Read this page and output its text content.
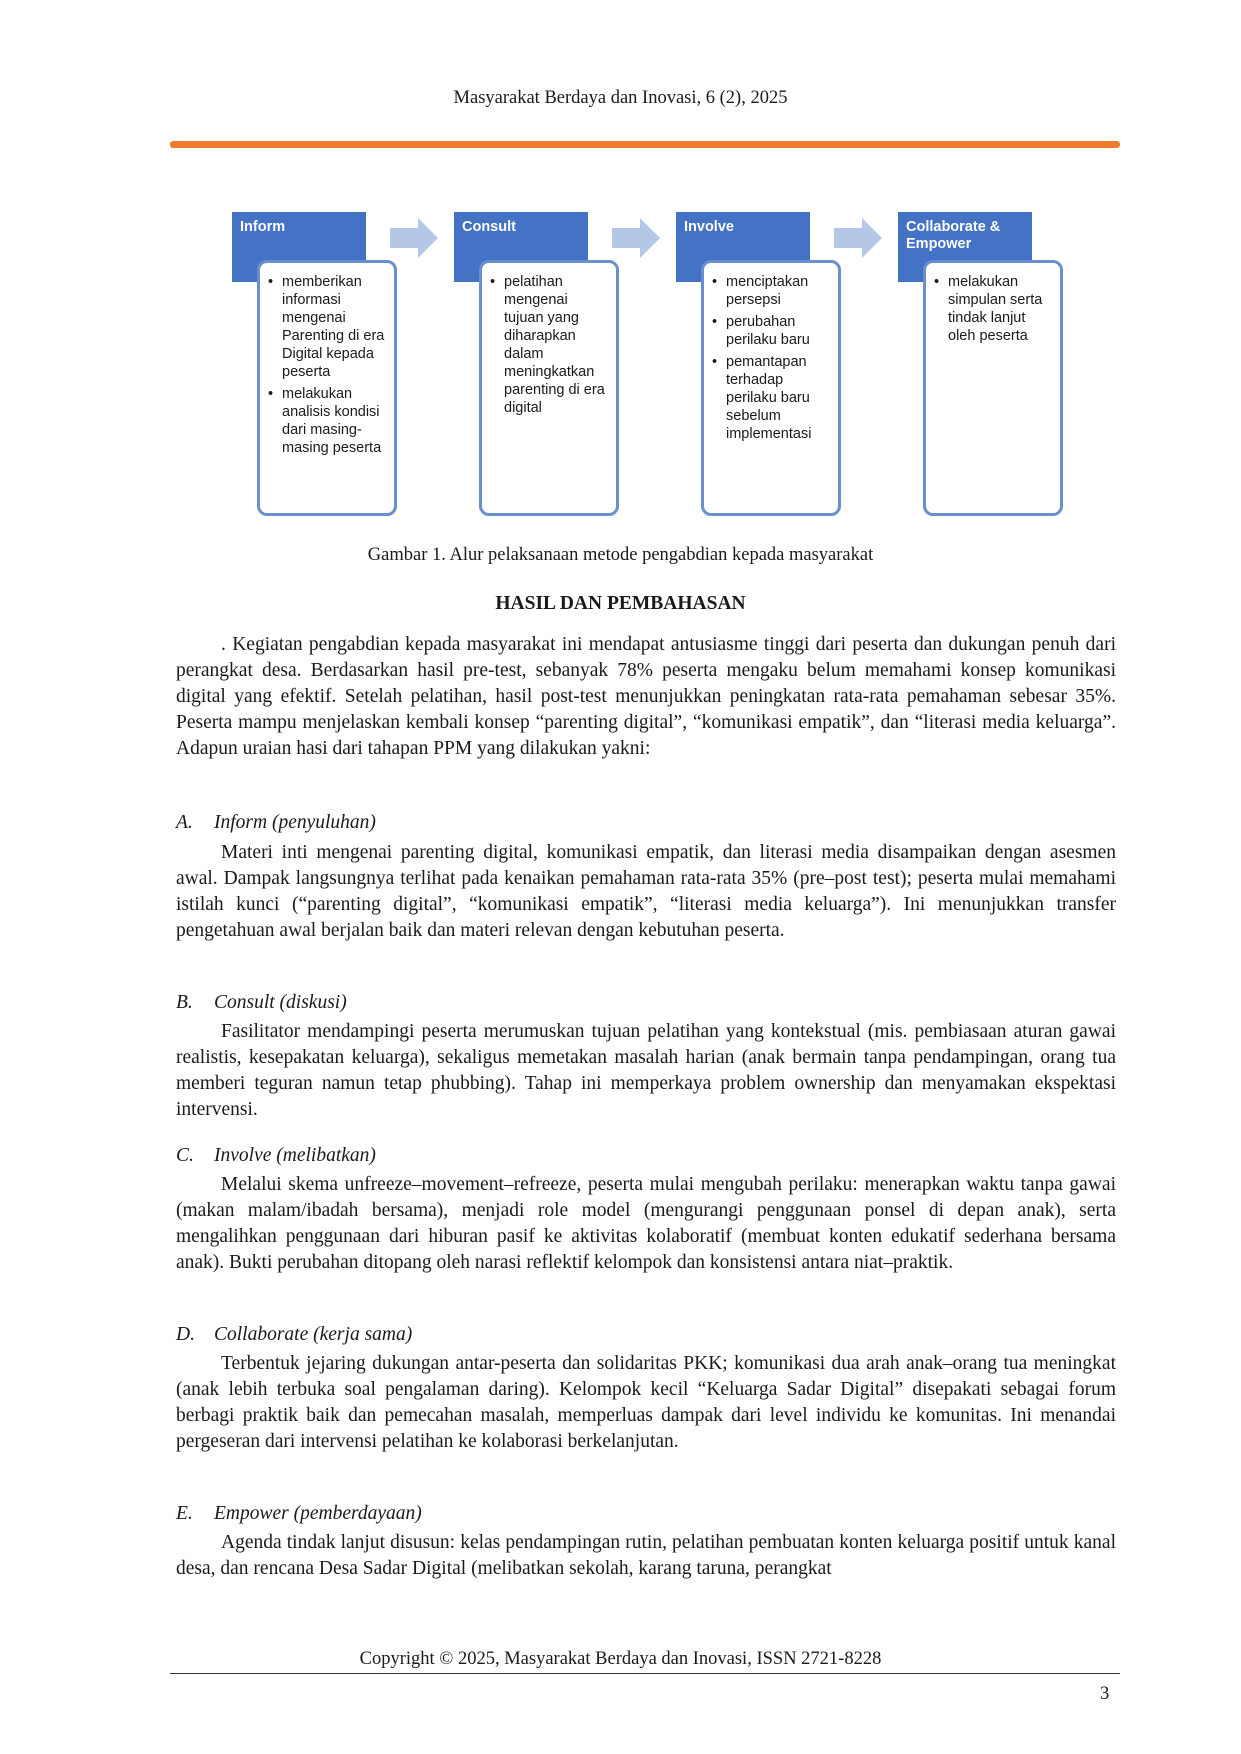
Masyarakat Berdaya dan Inovasi, 6 (2), 2025
Inform
• memberikan informasi mengenai Parenting di era Digital kepada peserta
• melakukan analisis kondisi dari masing-masing peserta
Consult
• pelatihan mengenai tujuan yang diharapkan dalam meningkatkan parenting di era digital
Involve
• menciptakan persepsi
• perubahan perilaku baru
• pemantapan terhadap perilaku baru sebelum implementasi
Collaborate & Empower
• melakukan simpulan serta tindak lanjut oleh peserta
Gambar 1. Alur pelaksanaan metode pengabdian kepada masyarakat
HASIL DAN PEMBAHASAN
. Kegiatan pengabdian kepada masyarakat ini mendapat antusiasme tinggi dari peserta dan dukungan penuh dari perangkat desa. Berdasarkan hasil pre-test, sebanyak 78% peserta mengaku belum memahami konsep komunikasi digital yang efektif. Setelah pelatihan, hasil post-test menunjukkan peningkatan rata-rata pemahaman sebesar 35%. Peserta mampu menjelaskan kembali konsep “parenting digital”, “komunikasi empatik”, dan “literasi media keluarga”. Adapun uraian hasi dari tahapan PPM yang dilakukan yakni:
A. Inform (penyuluhan)
Materi inti mengenai parenting digital, komunikasi empatik, dan literasi media disampaikan dengan asesmen awal. Dampak langsungnya terlihat pada kenaikan pemahaman rata-rata 35% (pre–post test); peserta mulai memahami istilah kunci (“parenting digital”, “komunikasi empatik”, “literasi media keluarga”). Ini menunjukkan transfer pengetahuan awal berjalan baik dan materi relevan dengan kebutuhan peserta.
B. Consult (diskusi)
Fasilitator mendampingi peserta merumuskan tujuan pelatihan yang kontekstual (mis. pembiasaan aturan gawai realistis, kesepakatan keluarga), sekaligus memetakan masalah harian (anak bermain tanpa pendampingan, orang tua memberi teguran namun tetap phubbing). Tahap ini memperkaya problem ownership dan menyamakan ekspektasi intervensi.
C. Involve (melibatkan)
Melalui skema unfreeze–movement–refreeze, peserta mulai mengubah perilaku: menerapkan waktu tanpa gawai (makan malam/ibadah bersama), menjadi role model (mengurangi penggunaan ponsel di depan anak), serta mengalihkan penggunaan dari hiburan pasif ke aktivitas kolaboratif (membuat konten edukatif sederhana bersama anak). Bukti perubahan ditopang oleh narasi reflektif kelompok dan konsistensi antara niat–praktik.
D. Collaborate (kerja sama)
Terbentuk jejaring dukungan antar-peserta dan solidaritas PKK; komunikasi dua arah anak–orang tua meningkat (anak lebih terbuka soal pengalaman daring). Kelompok kecil “Keluarga Sadar Digital” disepakati sebagai forum berbagi praktik baik dan pemecahan masalah, memperluas dampak dari level individu ke komunitas. Ini menandai pergeseran dari intervensi pelatihan ke kolaborasi berkelanjutan.
E. Empower (pemberdayaan)
Agenda tindak lanjut disusun: kelas pendampingan rutin, pelatihan pembuatan konten keluarga positif untuk kanal desa, dan rencana Desa Sadar Digital (melibatkan sekolah, karang taruna, perangkat
Copyright © 2025, Masyarakat Berdaya dan Inovasi, ISSN 2721-8228
3
